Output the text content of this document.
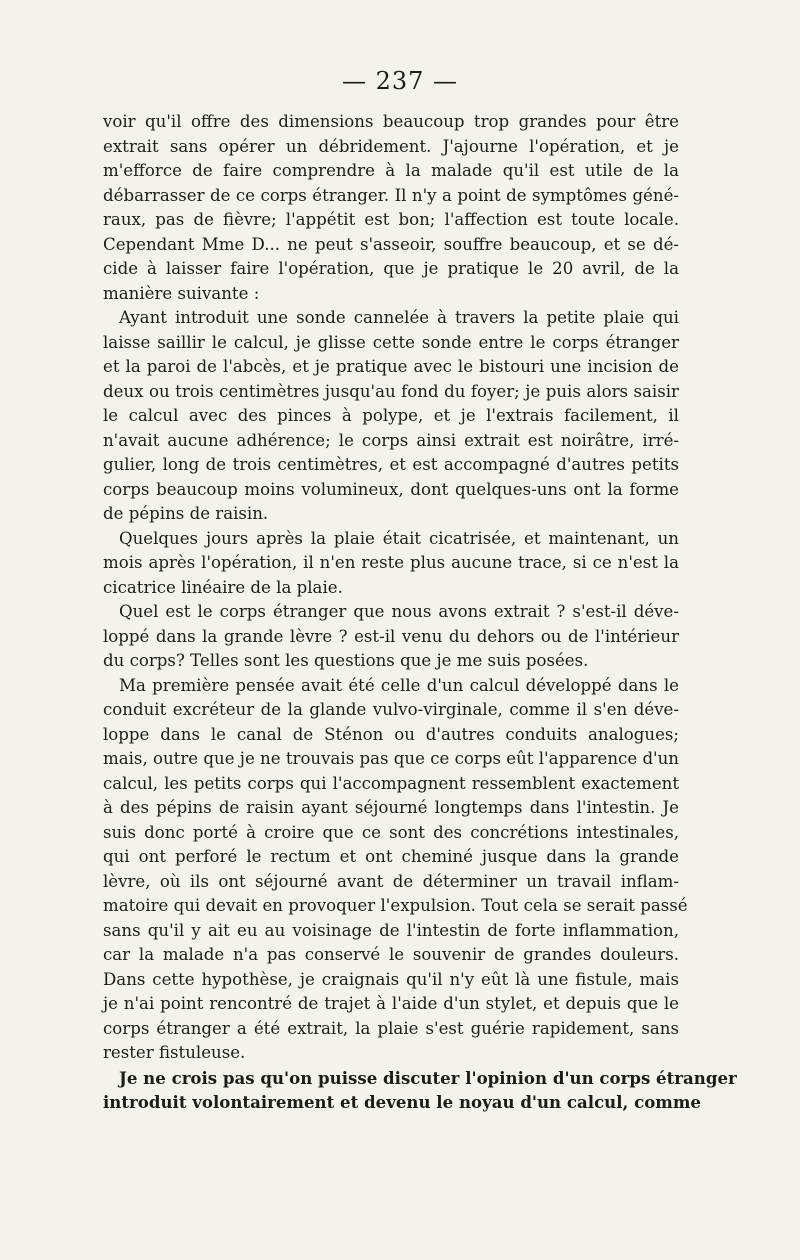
— 237 —

voir qu'il offre des dimensions beaucoup trop grandes pour être
extrait sans opérer un débridement. J'ajourne l'opération, et je
m'efforce de faire comprendre à la malade qu'il est utile de la
débarrasser de ce corps étranger. Il n'y a point de symptômes géné-
raux, pas de fièvre; l'appétit est bon; l'affection est toute locale.
Cependant Mme D... ne peut s'asseoir, souffre beaucoup, et se dé-
cide à laisser faire l'opération, que je pratique le 20 avril, de la
manière suivante :

Ayant introduit une sonde cannelée à travers la petite plaie qui
laisse saillir le calcul, je glisse cette sonde entre le corps étranger
et la paroi de l'abcès, et je pratique avec le bistouri une incision de
deux ou trois centimètres jusqu'au fond du foyer; je puis alors saisir
le calcul avec des pinces à polype, et je l'extrais facilement, il
n'avait aucune adhérence; le corps ainsi extrait est noirâtre, irré-
gulier, long de trois centimètres, et est accompagné d'autres petits
corps beaucoup moins volumineux, dont quelques-uns ont la forme
de pépins de raisin.

Quelques jours après la plaie était cicatrisée, et maintenant, un
mois après l'opération, il n'en reste plus aucune trace, si ce n'est la
cicatrice linéaire de la plaie.

Quel est le corps étranger que nous avons extrait ? s'est-il déve-
loppé dans la grande lèvre ? est-il venu du dehors ou de l'intérieur
du corps? Telles sont les questions que je me suis posées.

Ma première pensée avait été celle d'un calcul développé dans le
conduit excréteur de la glande vulvo-virginale, comme il s'en déve-
loppe dans le canal de Sténon ou d'autres conduits analogues;
mais, outre que je ne trouvais pas que ce corps eût l'apparence d'un
calcul, les petits corps qui l'accompagnent ressemblent exactement
à des pépins de raisin ayant séjourné longtemps dans l'intestin. Je
suis donc porté à croire que ce sont des concrétions intestinales,
qui ont perforé le rectum et ont cheminé jusque dans la grande
lèvre, où ils ont séjourné avant de déterminer un travail inflam-
matoire qui devait en provoquer l'expulsion. Tout cela se serait passé
sans qu'il y ait eu au voisinage de l'intestin de forte inflammation,
car la malade n'a pas conservé le souvenir de grandes douleurs.
Dans cette hypothèse, je craignais qu'il n'y eût là une fistule, mais
je n'ai point rencontré de trajet à l'aide d'un stylet, et depuis que le
corps étranger a été extrait, la plaie s'est guérie rapidement, sans
rester fistuleuse.

Je ne crois pas qu'on puisse discuter l'opinion d'un corps étranger
introduit volontairement et devenu le noyau d'un calcul, comme
